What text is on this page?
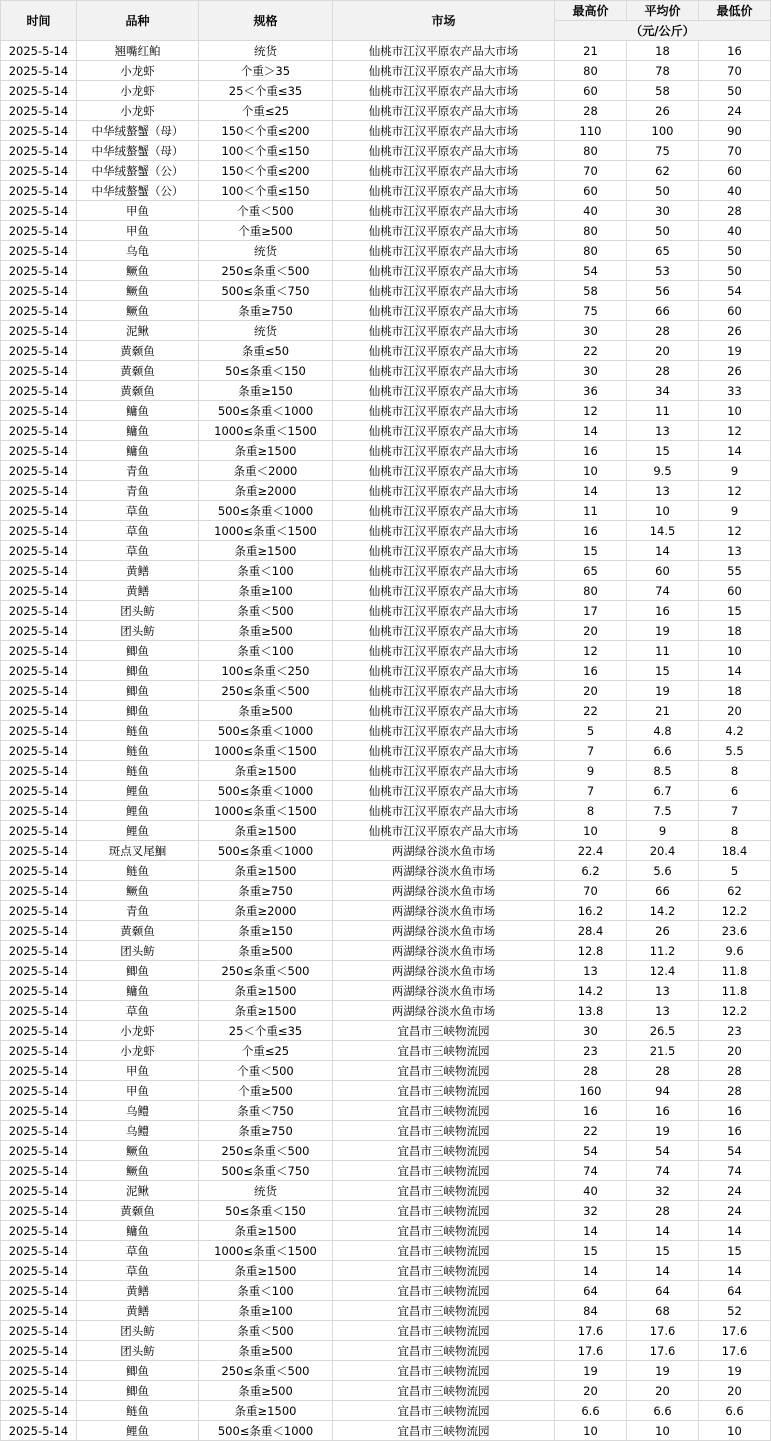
时间	品种	规格	市场	最高价	平均价	最低价
				（元/公斤）		
2025-5-14	翘嘴红鲌	统货	仙桃市江汉平原农产品大市场	21	18	16
2025-5-14	小龙虾	个重＞35	仙桃市江汉平原农产品大市场	80	78	70
2025-5-14	小龙虾	25＜个重≤35	仙桃市江汉平原农产品大市场	60	58	50
2025-5-14	小龙虾	个重≤25	仙桃市江汉平原农产品大市场	28	26	24
2025-5-14	中华绒螯蟹（母）	150＜个重≤200	仙桃市江汉平原农产品大市场	110	100	90
2025-5-14	中华绒螯蟹（母）	100＜个重≤150	仙桃市江汉平原农产品大市场	80	75	70
2025-5-14	中华绒螯蟹（公）	150＜个重≤200	仙桃市江汉平原农产品大市场	70	62	60
2025-5-14	中华绒螯蟹（公）	100＜个重≤150	仙桃市江汉平原农产品大市场	60	50	40
2025-5-14	甲鱼	个重＜500	仙桃市江汉平原农产品大市场	40	30	28
2025-5-14	甲鱼	个重≥500	仙桃市江汉平原农产品大市场	80	50	40
2025-5-14	乌龟	统货	仙桃市江汉平原农产品大市场	80	65	50
2025-5-14	鳜鱼	250≤条重＜500	仙桃市江汉平原农产品大市场	54	53	50
2025-5-14	鳜鱼	500≤条重＜750	仙桃市江汉平原农产品大市场	58	56	54
2025-5-14	鳜鱼	条重≥750	仙桃市江汉平原农产品大市场	75	66	60
2025-5-14	泥鳅	统货	仙桃市江汉平原农产品大市场	30	28	26
2025-5-14	黄颡鱼	条重≤50	仙桃市江汉平原农产品大市场	22	20	19
2025-5-14	黄颡鱼	50≤条重＜150	仙桃市江汉平原农产品大市场	30	28	26
2025-5-14	黄颡鱼	条重≥150	仙桃市江汉平原农产品大市场	36	34	33
2025-5-14	鳙鱼	500≤条重＜1000	仙桃市江汉平原农产品大市场	12	11	10
2025-5-14	鳙鱼	1000≤条重＜1500	仙桃市江汉平原农产品大市场	14	13	12
2025-5-14	鳙鱼	条重≥1500	仙桃市江汉平原农产品大市场	16	15	14
2025-5-14	青鱼	条重＜2000	仙桃市江汉平原农产品大市场	10	9.5	9
2025-5-14	青鱼	条重≥2000	仙桃市江汉平原农产品大市场	14	13	12
2025-5-14	草鱼	500≤条重＜1000	仙桃市江汉平原农产品大市场	11	10	9
2025-5-14	草鱼	1000≤条重＜1500	仙桃市江汉平原农产品大市场	16	14.5	12
2025-5-14	草鱼	条重≥1500	仙桃市江汉平原农产品大市场	15	14	13
2025-5-14	黄鳝	条重＜100	仙桃市江汉平原农产品大市场	65	60	55
2025-5-14	黄鳝	条重≥100	仙桃市江汉平原农产品大市场	80	74	60
2025-5-14	团头鲂	条重＜500	仙桃市江汉平原农产品大市场	17	16	15
2025-5-14	团头鲂	条重≥500	仙桃市江汉平原农产品大市场	20	19	18
2025-5-14	鲫鱼	条重＜100	仙桃市江汉平原农产品大市场	12	11	10
2025-5-14	鲫鱼	100≤条重＜250	仙桃市江汉平原农产品大市场	16	15	14
2025-5-14	鲫鱼	250≤条重＜500	仙桃市江汉平原农产品大市场	20	19	18
2025-5-14	鲫鱼	条重≥500	仙桃市江汉平原农产品大市场	22	21	20
2025-5-14	鲢鱼	500≤条重＜1000	仙桃市江汉平原农产品大市场	5	4.8	4.2
2025-5-14	鲢鱼	1000≤条重＜1500	仙桃市江汉平原农产品大市场	7	6.6	5.5
2025-5-14	鲢鱼	条重≥1500	仙桃市江汉平原农产品大市场	9	8.5	8
2025-5-14	鲤鱼	500≤条重＜1000	仙桃市江汉平原农产品大市场	7	6.7	6
2025-5-14	鲤鱼	1000≤条重＜1500	仙桃市江汉平原农产品大市场	8	7.5	7
2025-5-14	鲤鱼	条重≥1500	仙桃市江汉平原农产品大市场	10	9	8
2025-5-14	斑点叉尾鮰	500≤条重＜1000	两湖绿谷淡水鱼市场	22.4	20.4	18.4
2025-5-14	鲢鱼	条重≥1500	两湖绿谷淡水鱼市场	6.2	5.6	5
2025-5-14	鳜鱼	条重≥750	两湖绿谷淡水鱼市场	70	66	62
2025-5-14	青鱼	条重≥2000	两湖绿谷淡水鱼市场	16.2	14.2	12.2
2025-5-14	黄颡鱼	条重≥150	两湖绿谷淡水鱼市场	28.4	26	23.6
2025-5-14	团头鲂	条重≥500	两湖绿谷淡水鱼市场	12.8	11.2	9.6
2025-5-14	鲫鱼	250≤条重＜500	两湖绿谷淡水鱼市场	13	12.4	11.8
2025-5-14	鳙鱼	条重≥1500	两湖绿谷淡水鱼市场	14.2	13	11.8
2025-5-14	草鱼	条重≥1500	两湖绿谷淡水鱼市场	13.8	13	12.2
2025-5-14	小龙虾	25＜个重≤35	宜昌市三峡物流园	30	26.5	23
2025-5-14	小龙虾	个重≤25	宜昌市三峡物流园	23	21.5	20
2025-5-14	甲鱼	个重＜500	宜昌市三峡物流园	28	28	28
2025-5-14	甲鱼	个重≥500	宜昌市三峡物流园	160	94	28
2025-5-14	乌鳢	条重＜750	宜昌市三峡物流园	16	16	16
2025-5-14	乌鳢	条重≥750	宜昌市三峡物流园	22	19	16
2025-5-14	鳜鱼	250≤条重＜500	宜昌市三峡物流园	54	54	54
2025-5-14	鳜鱼	500≤条重＜750	宜昌市三峡物流园	74	74	74
2025-5-14	泥鳅	统货	宜昌市三峡物流园	40	32	24
2025-5-14	黄颡鱼	50≤条重＜150	宜昌市三峡物流园	32	28	24
2025-5-14	鳙鱼	条重≥1500	宜昌市三峡物流园	14	14	14
2025-5-14	草鱼	1000≤条重＜1500	宜昌市三峡物流园	15	15	15
2025-5-14	草鱼	条重≥1500	宜昌市三峡物流园	14	14	14
2025-5-14	黄鳝	条重＜100	宜昌市三峡物流园	64	64	64
2025-5-14	黄鳝	条重≥100	宜昌市三峡物流园	84	68	52
2025-5-14	团头鲂	条重＜500	宜昌市三峡物流园	17.6	17.6	17.6
2025-5-14	团头鲂	条重≥500	宜昌市三峡物流园	17.6	17.6	17.6
2025-5-14	鲫鱼	250≤条重＜500	宜昌市三峡物流园	19	19	19
2025-5-14	鲫鱼	条重≥500	宜昌市三峡物流园	20	20	20
2025-5-14	鲢鱼	条重≥1500	宜昌市三峡物流园	6.6	6.6	6.6
2025-5-14	鲤鱼	500≤条重＜1000	宜昌市三峡物流园	10	10	10
